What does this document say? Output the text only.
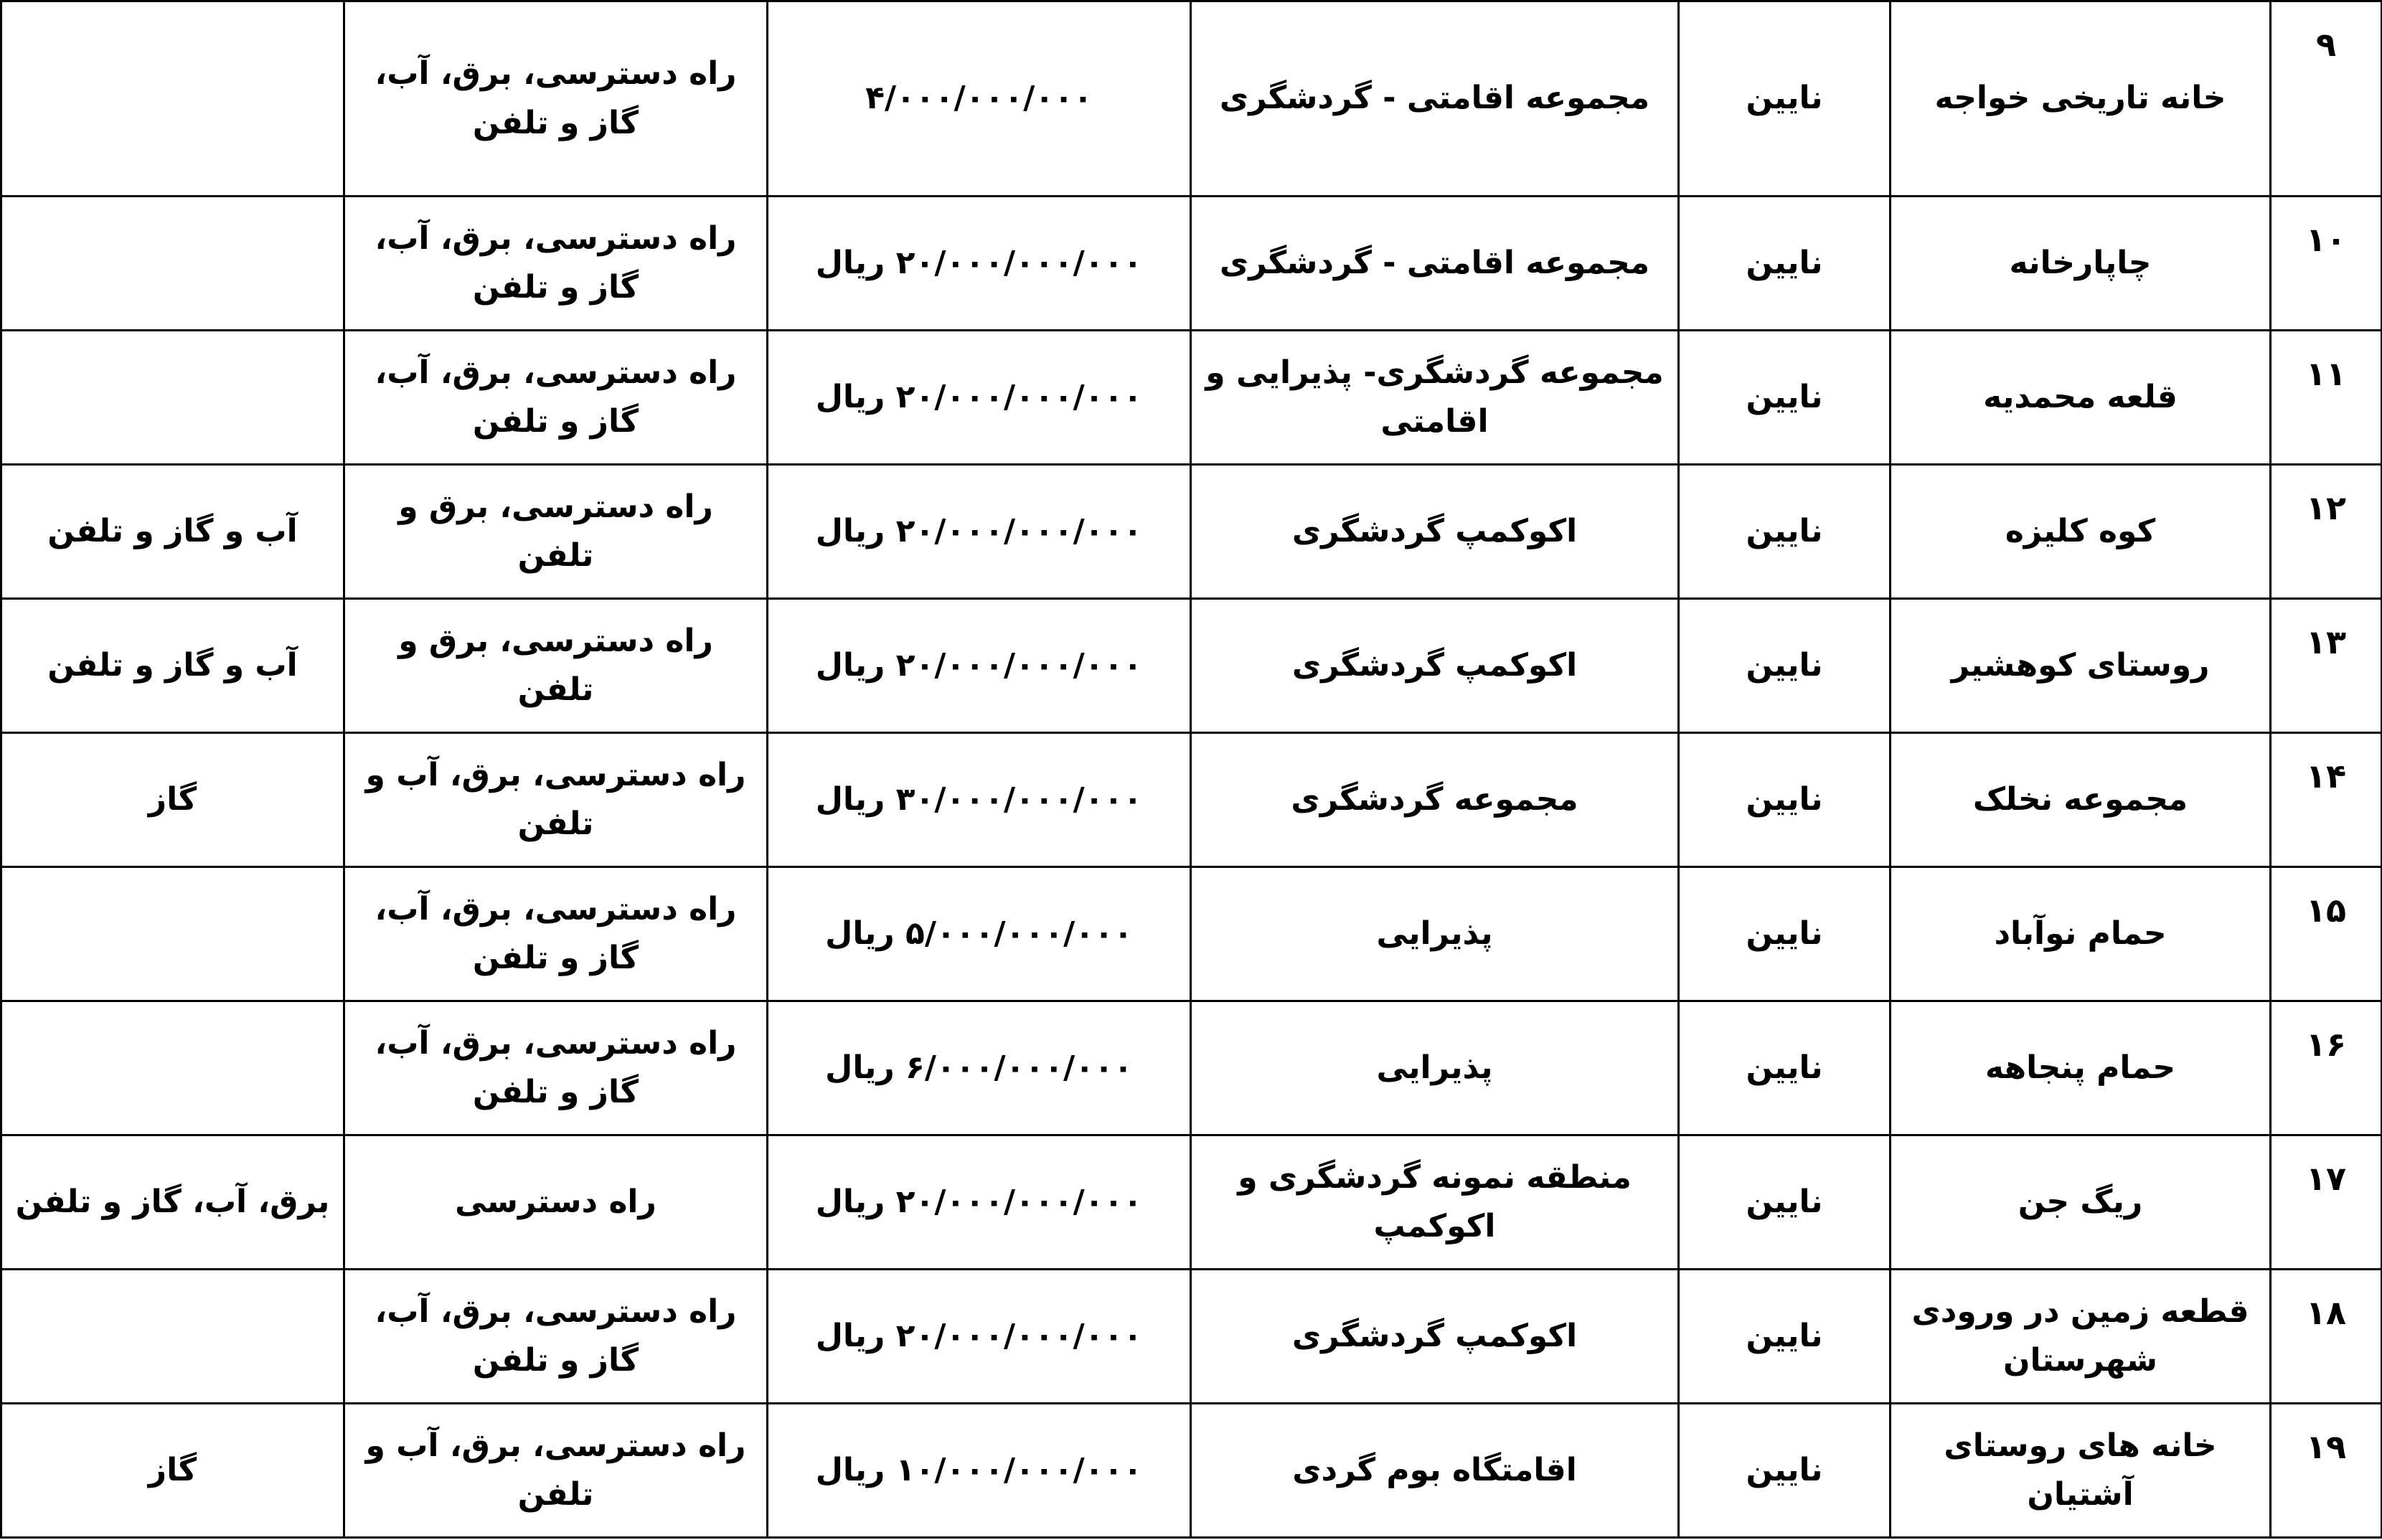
۹	خانه تاریخی خواجه	نایین	مجموعه اقامتی - گردشگری	۴/۰۰۰/۰۰۰/۰۰۰	راه دسترسی، برق، آب، گاز و تلفن	
۱۰	چاپارخانه	نایین	مجموعه اقامتی - گردشگری	۲۰/۰۰۰/۰۰۰/۰۰۰ ریال	راه دسترسی، برق، آب، گاز و تلفن	
۱۱	قلعه محمدیه	نایین	مجموعه گردشگری- پذیرایی و اقامتی	۲۰/۰۰۰/۰۰۰/۰۰۰ ریال	راه دسترسی، برق، آب، گاز و تلفن	
۱۲	کوه کلیزه	نایین	اکوکمپ گردشگری	۲۰/۰۰۰/۰۰۰/۰۰۰ ریال	راه دسترسی، برق و تلفن	آب و گاز و تلفن
۱۳	روستای کوهشیر	نایین	اکوکمپ گردشگری	۲۰/۰۰۰/۰۰۰/۰۰۰ ریال	راه دسترسی، برق و تلفن	آب و گاز و تلفن
۱۴	مجموعه نخلک	نایین	مجموعه گردشگری	۳۰/۰۰۰/۰۰۰/۰۰۰ ریال	راه دسترسی، برق، آب و تلفن	گاز
۱۵	حمام نوآباد	نایین	پذیرایی	۵/۰۰۰/۰۰۰/۰۰۰ ریال	راه دسترسی، برق، آب، گاز و تلفن	
۱۶	حمام پنجاهه	نایین	پذیرایی	۶/۰۰۰/۰۰۰/۰۰۰ ریال	راه دسترسی، برق، آب، گاز و تلفن	
۱۷	ریگ جن	نایین	منطقه نمونه گردشگری و اکوکمپ	۲۰/۰۰۰/۰۰۰/۰۰۰ ریال	راه دسترسی	برق، آب، گاز و تلفن
۱۸	قطعه زمین در ورودی شهرستان	نایین	اکوکمپ گردشگری	۲۰/۰۰۰/۰۰۰/۰۰۰ ریال	راه دسترسی، برق، آب، گاز و تلفن	
۱۹	خانه های روستای آشتیان	نایین	اقامتگاه بوم گردی	۱۰/۰۰۰/۰۰۰/۰۰۰ ریال	راه دسترسی، برق، آب و تلفن	گاز
